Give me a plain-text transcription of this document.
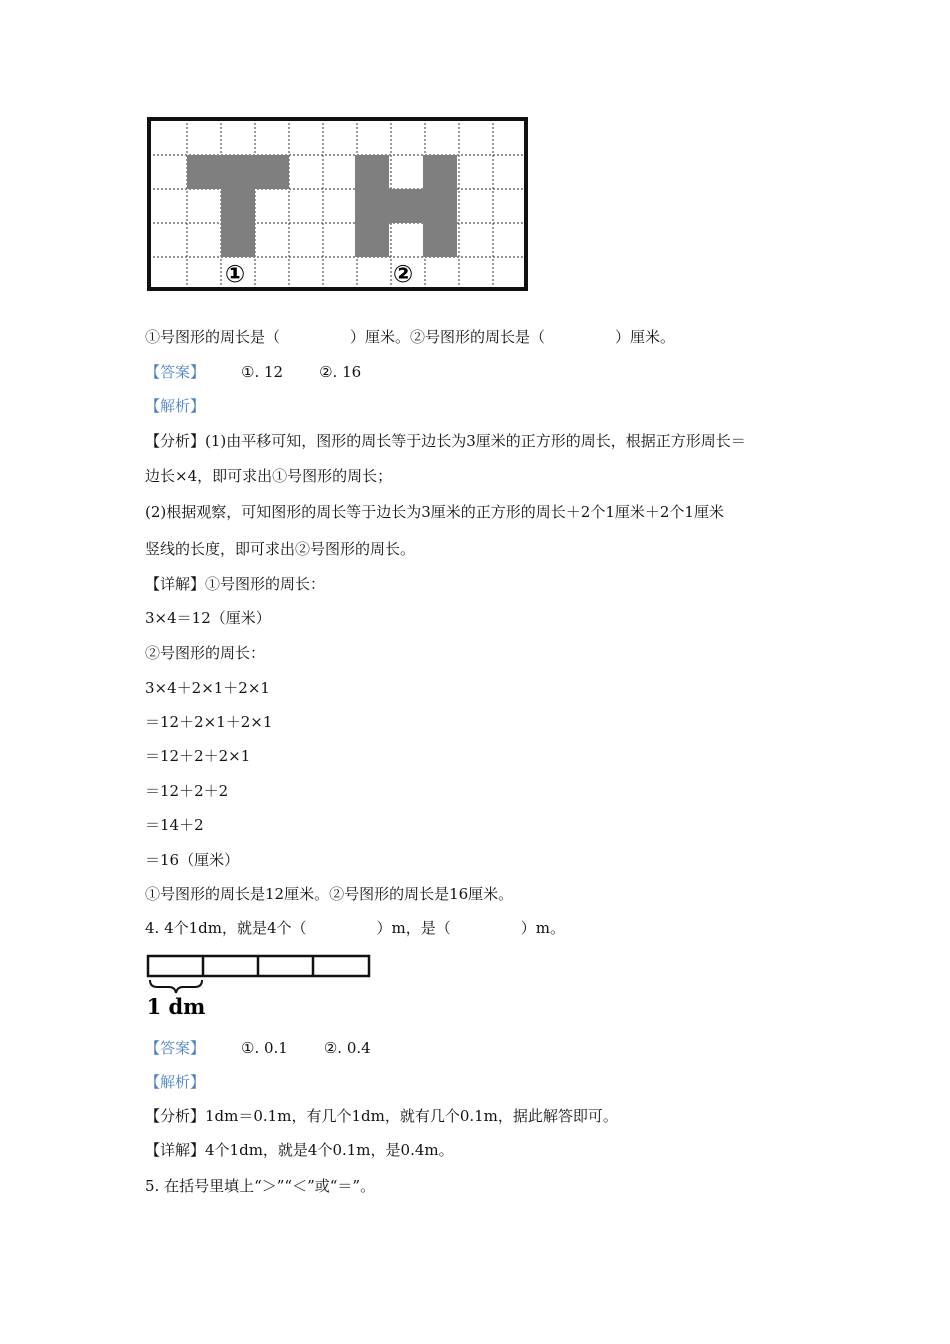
①	②
①号图形的周长是（	）厘米。②号图形的周长是（	）厘米。
【答案】 ①. 12 ②. 16
【解析】
【分析】(1)由平移可知，图形的周长等于边长为3厘米的正方形的周长，根据正方形周长＝
边长×4，即可求出①号图形的周长；
(2)根据观察，可知图形的周长等于边长为3厘米的正方形的周长＋2个1厘米＋2个1厘米
竖线的长度，即可求出②号图形的周长。
【详解】①号图形的周长：
3×4＝12（厘米）
②号图形的周长：
3×4＋2×1＋2×1
＝12＋2×1＋2×1
＝12＋2＋2×1
＝12＋2＋2
＝14＋2
＝16（厘米）
①号图形的周长是12厘米。②号图形的周长是16厘米。
4. 4个1dm，就是4个（	）m，是（	）m。
1 dm
【答案】 ①. 0.1 ②. 0.4
【解析】
【分析】1dm＝0.1m，有几个1dm，就有几个0.1m，据此解答即可。
【详解】4个1dm，就是4个0.1m，是0.4m。
5. 在括号里填上“＞”“＜”或“＝”。
